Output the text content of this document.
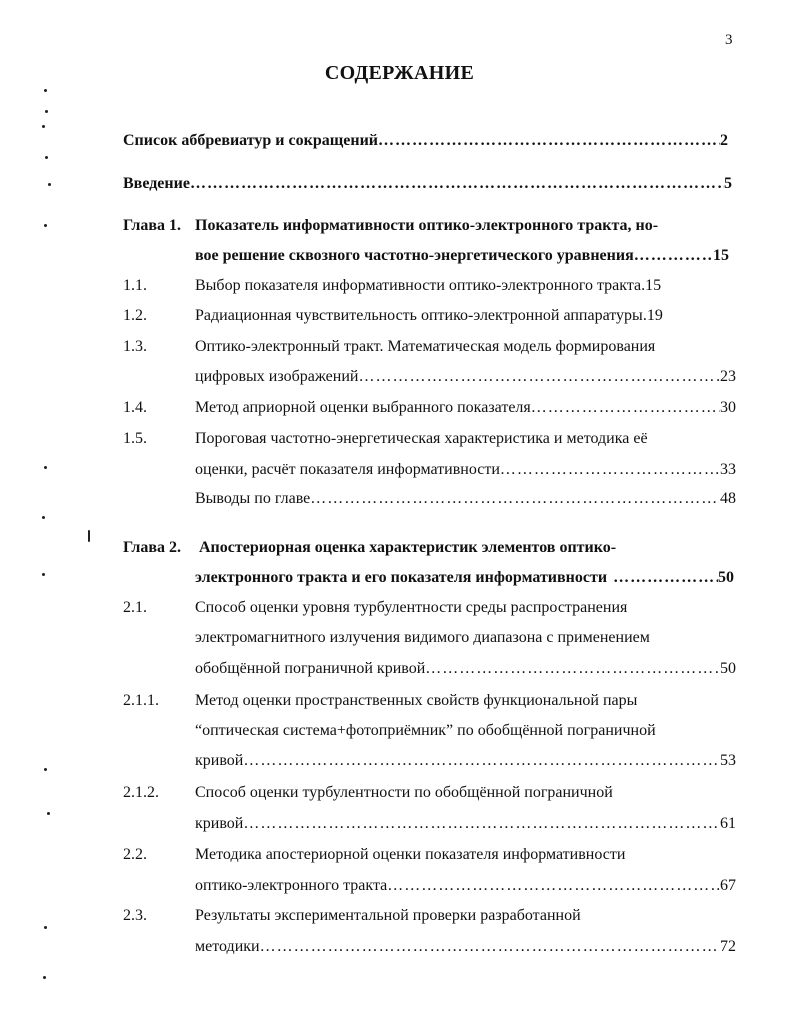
3
СОДЕРЖАНИЕ
Список аббревиатур и сокращений …………………………………………………………………………………………………………………………	2
Введение …………………………………………………………………………………………………………………………	5
Глава 1. Показатель информативности оптико-электронного тракта, но-
вое решение сквозного частотно-энергетического уравнения …………………………………………………………………………………………………………………………	15
1.1.	Выбор показателя информативности оптико-электронного тракта .15
1.2.	Радиационная чувствительность оптико-электронной аппаратуры .19
1.3.	Оптико-электронный тракт. Математическая модель формирования
цифровых изображений …………………………………………………………………………………………………………………………	23
1.4.	Метод априорной оценки выбранного показателя …………………………………………………………………………………………………………………………	30
1.5.	Пороговая частотно-энергетическая характеристика и методика её
оценки, расчёт показателя информативности …………………………………………………………………………………………………………………………	33
Выводы по главе …………………………………………………………………………………………………………………………	48
Глава 2.	Апостериорная оценка характеристик элементов оптико-
электронного тракта и его показателя информативности …………………………………………………………………………………………………………………………	50
2.1.	Способ оценки уровня турбулентности среды распространения
электромагнитного излучения видимого диапазона с применением
обобщённой пограничной кривой …………………………………………………………………………………………………………………………	50
2.1.1. Метод оценки пространственных свойств функциональной пары
“оптическая система+фотоприёмник” по обобщённой пограничной
кривой …………………………………………………………………………………………………………………………	53
2.1.2. Способ оценки турбулентности по обобщённой пограничной
кривой …………………………………………………………………………………………………………………………	61
2.2.	Методика апостериорной оценки показателя информативности
оптико-электронного тракта …………………………………………………………………………………………………………………………	67
2.3.	Результаты экспериментальной проверки разработанной
методики …………………………………………………………………………………………………………………………	72
